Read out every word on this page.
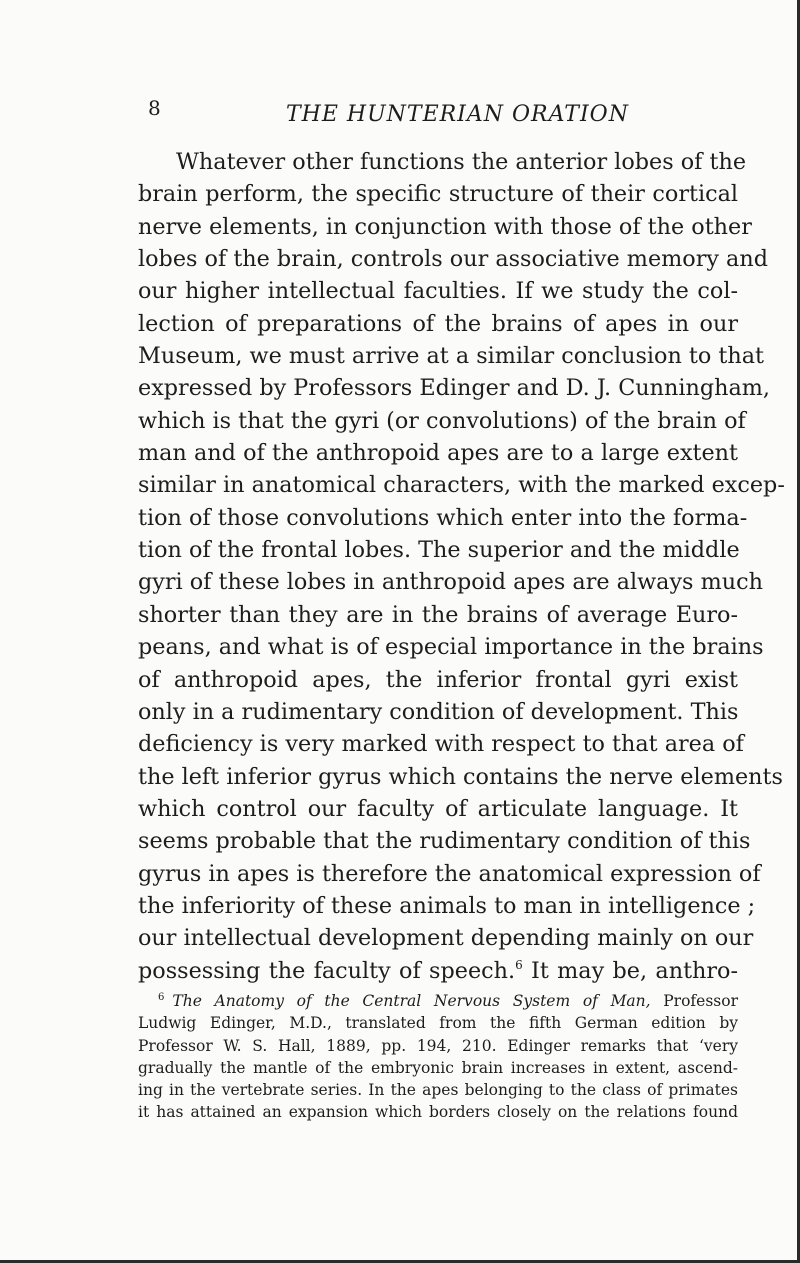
8	THE HUNTERIAN ORATION
Whatever other functions the anterior lobes of the
brain perform, the specific structure of their cortical
nerve elements, in conjunction with those of the other
lobes of the brain, controls our associative memory and
our higher intellectual faculties. If we study the col-
lection of preparations of the brains of apes in our
Museum, we must arrive at a similar conclusion to that
expressed by Professors Edinger and D. J. Cunningham,
which is that the gyri (or convolutions) of the brain of
man and of the anthropoid apes are to a large extent
similar in anatomical characters, with the marked excep-
tion of those convolutions which enter into the forma-
tion of the frontal lobes. The superior and the middle
gyri of these lobes in anthropoid apes are always much
shorter than they are in the brains of average Euro-
peans, and what is of especial importance in the brains
of anthropoid apes, the inferior frontal gyri exist
only in a rudimentary condition of development. This
deficiency is very marked with respect to that area of
the left inferior gyrus which contains the nerve elements
which control our faculty of articulate language. It
seems probable that the rudimentary condition of this
gyrus in apes is therefore the anatomical expression of
the inferiority of these animals to man in intelligence ;
our intellectual development depending mainly on our
possessing the faculty of speech.$^6$ It may be, anthro-
$^6$ The Anatomy of the Central Nervous System of Man, Professor
Ludwig Edinger, M.D., translated from the fifth German edition by
Professor W. S. Hall, 1889, pp. 194, 210. Edinger remarks that ‘very
gradually the mantle of the embryonic brain increases in extent, ascend-
ing in the vertebrate series. In the apes belonging to the class of primates
it has attained an expansion which borders closely on the relations found
